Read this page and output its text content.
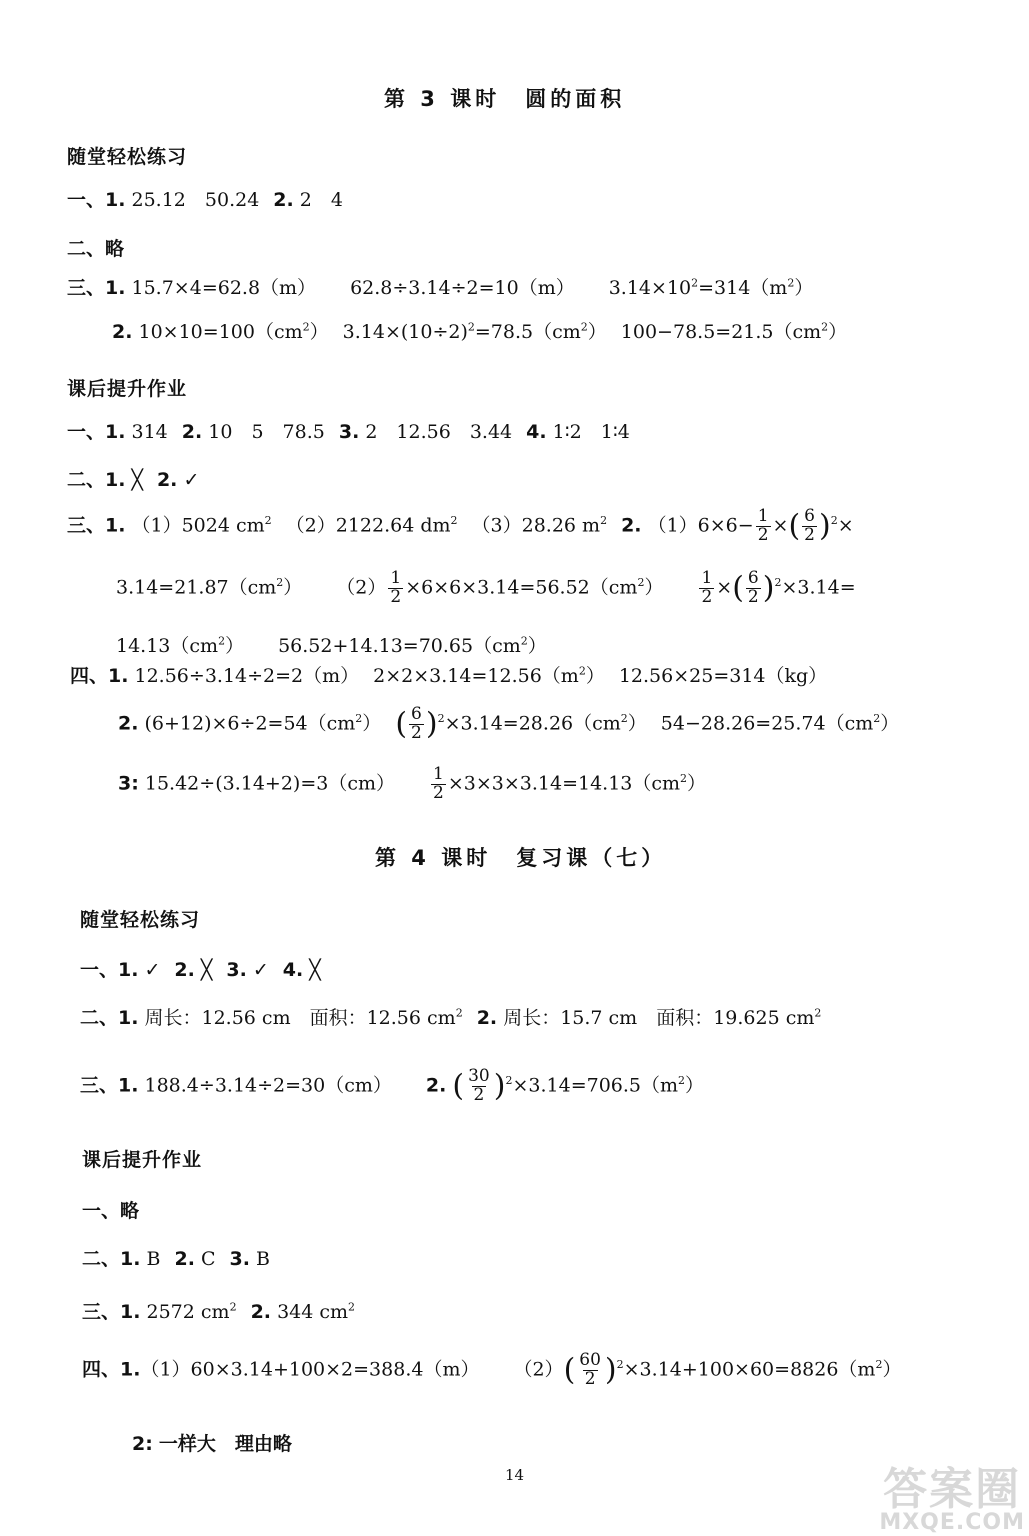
第 3 课时　圆的面积
随堂轻松练习
一、1. 25.12　50.24 2. 2　4
二、略
三、1. 15.7×4=62.8（m） 62.8÷3.14÷2=10（m） $3.14\times 10^2=314(m^2)$
2. $10\times 10=100(cm^2)$ $3.14\times(10\div 2)^2=78.5(cm^2)$ $100-78.5=21.5(cm^2)$
课后提升作业
一、1. 314 2. 10　5　78.5 3. 2　12.56　3.44 4. 1∶2　1∶4
二、1. ╳ 2. ✓
三、1. （1）5024 $cm^2$ （2）2122.64 $dm^2$ （3）28.26 $m^2$ 2. $(1)6\times 6- \frac{1}{2}$ ×( $\frac{6}{2} )^2\times$
$3.14=21.87(cm^2)$ $(2) \frac{1}{2} \times 6\times 6\times 3.14=56.52(cm^2) \frac{1}{2}$ ×( $\frac{6}{2} )^2\times 3.14=$
$14.13(cm^2)$ $56.52+14.13=70.65(cm^2)$
四、1. 12.56÷3.14÷2=2（m） $2\times 2\times 3.14=12.56(m^2)$ 12.56×25=314（kg）
2. $(6+12)\times 6\div 2=54(cm^2)$ ( $\frac{6}{2} )^2\times 3.14=28.26(cm^2)$ $54-28.26=25.74(cm^2)$
3: $15.42\div(3.14+2)=3(cm) \frac{1}{2} \times 3\times 3\times 3.14=14.13(cm^2)$
第 4 课时　复习课（七）
随堂轻松练习
一、1. ✓ 2. ╳ 3. ✓ 4. ╳
二、1. 周长：12.56 cm　面积：12.56 $cm^2$ 2. 周长：15.7 cm　面积：19.625 $cm^2$
三、1. 188.4÷3.14÷2=30（cm） 2. ( $\frac{30}{2} )^2\times 3.14=706.5(m^2)$
课后提升作业
一、略
二、1. B 2. C 3. B
三、1. 2572 $cm^2$ 2. 344 $cm^2$
四、1.（1）60×3.14+100×2=388.4（m） $(2)( \frac{60}{2} )^2\times 3.14+100\times 60=8826(m^2)$
2: 一样大　理由略
14	答案圈
MXQE.COM
